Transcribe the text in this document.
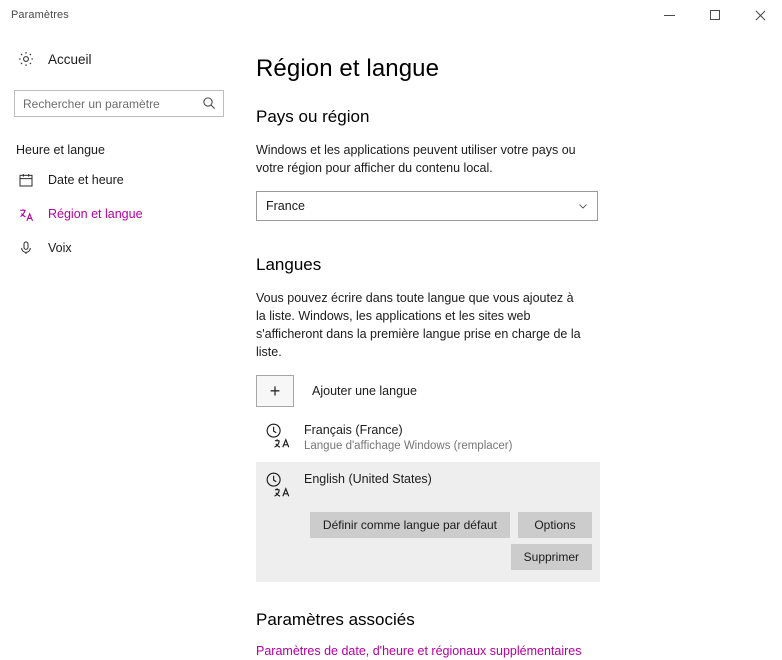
Paramètres
Accueil
Rechercher un paramètre
Heure et langue
Date et heure
Région et langue
Voix
Région et langue
Pays ou région

Windows et les applications peuvent utiliser votre pays ou votre région pour afficher du contenu local.

France
Langues

Vous pouvez écrire dans toute langue que vous ajoutez à la liste. Windows, les applications et les sites web s'afficheront dans la première langue prise en charge de la liste.

+	Ajouter une langue
Français (France)
Langue d'affichage Windows (remplacer)
English (United States)
Définir comme langue par défaut	Options
Supprimer
Paramètres associés
Paramètres de date, d'heure et régionaux supplémentaires
